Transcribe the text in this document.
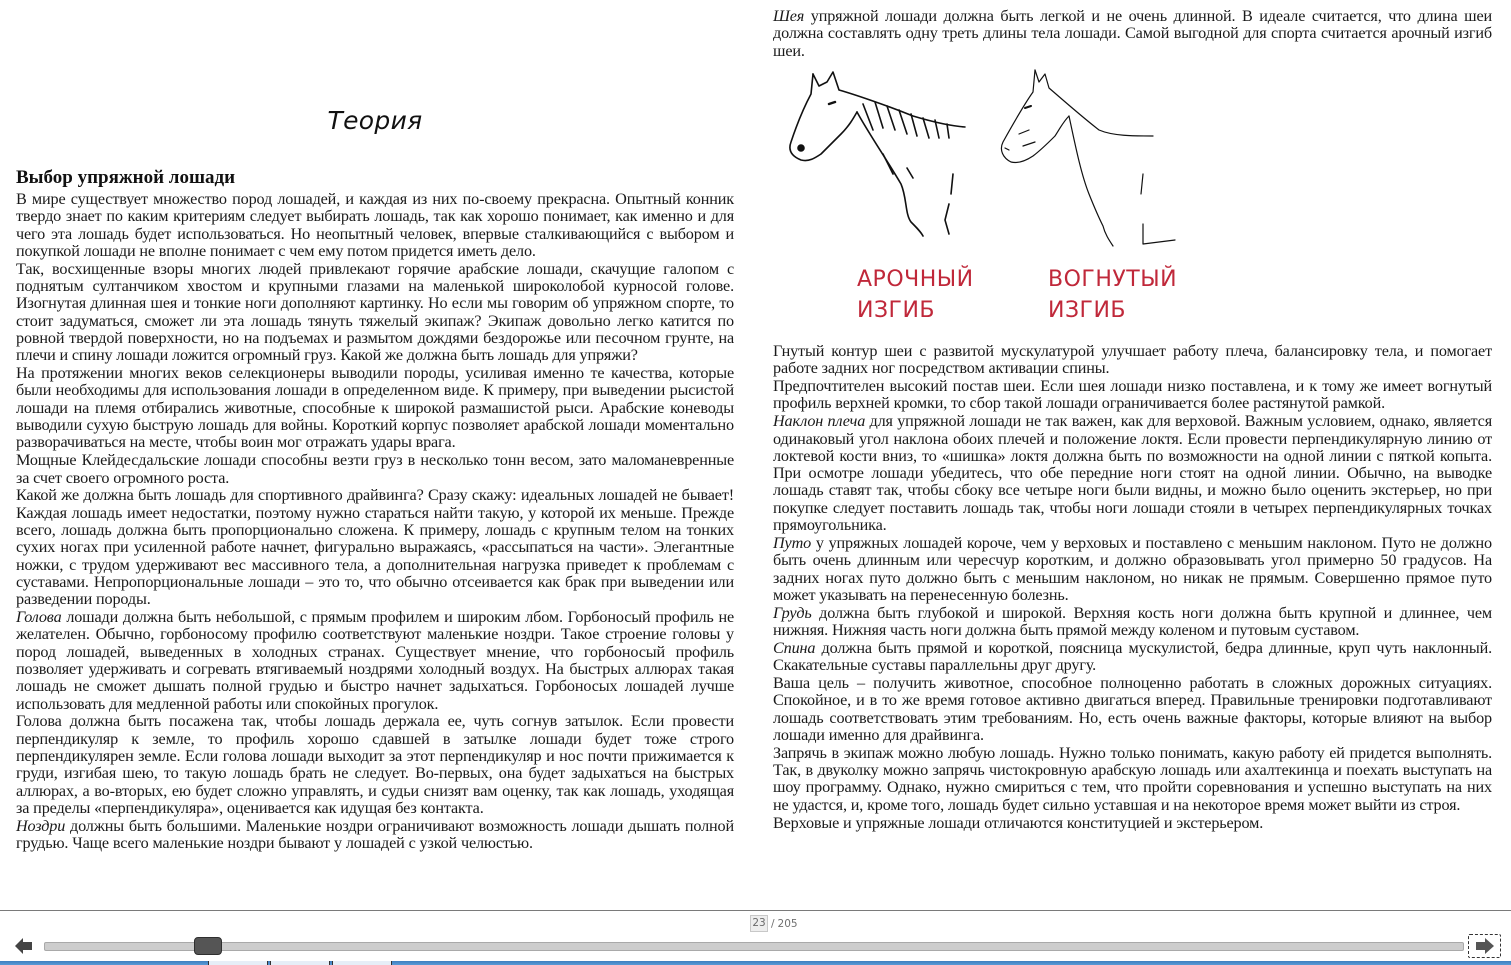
Теория
Выбор упряжной лошади

В мире существует множество пород лошадей, и каждая из них по-своему прекрасна. Опытный конник твердо знает по каким критериям следует выбирать лошадь, так как хорошо понимает, как именно и для чего эта лошадь будет использоваться. Но неопытный человек, впервые сталкивающийся с выбором и покупкой лошади не вполне понимает с чем ему потом придется иметь дело.

Так, восхищенные взоры многих людей привлекают горячие арабские лошади, скачущие галопом с поднятым султанчиком хвостом и крупными глазами на маленькой широколобой курносой голове. Изогнутая длинная шея и тонкие ноги дополняют картинку. Но если мы говорим об упряжном спорте, то стоит задуматься, сможет ли эта лошадь тянуть тяжелый экипаж? Экипаж довольно легко катится по ровной твердой поверхности, но на подъемах и размытом дождями бездорожье или песочном грунте, на плечи и спину лошади ложится огромный груз. Какой же должна быть лошадь для упряжи?

На протяжении многих веков селекционеры выводили породы, усиливая именно те качества, которые были необходимы для использования лошади в определенном виде. К примеру, при выведении рысистой лошади на племя отбирались животные, способные к широкой размашистой рыси. Арабские коневоды выводили сухую быструю лошадь для войны. Короткий корпус позволяет арабской лошади моментально разворачиваться на месте, чтобы воин мог отражать удары врага.

Мощные Клейдесдальские лошади способны везти груз в несколько тонн весом, зато маломаневренные за счет своего огромного роста.

Какой же должна быть лошадь для спортивного драйвинга? Сразу скажу: идеальных лошадей не бывает! Каждая лошадь имеет недостатки, поэтому нужно стараться найти такую, у которой их меньше. Прежде всего, лошадь должна быть пропорционально сложена. К примеру, лошадь с крупным телом на тонких сухих ногах при усиленной работе начнет, фигурально выражаясь, «рассыпаться на части». Элегантные ножки, с трудом удерживают вес массивного тела, а дополнительная нагрузка приведет к проблемам с суставами. Непропорциональные лошади – это то, что обычно отсеивается как брак при выведении или разведении породы.

Голова лошади должна быть небольшой, с прямым профилем и широким лбом. Горбоносый профиль не желателен. Обычно, горбоносому профилю соответствуют маленькие ноздри. Такое строение головы у пород лошадей, выведенных в холодных странах. Существует мнение, что горбоносый профиль позволяет удерживать и согревать втягиваемый ноздрями холодный воздух. На быстрых аллюрах такая лошадь не сможет дышать полной грудью и быстро начнет задыхаться. Горбоносых лошадей лучше использовать для медленной работы или спокойных прогулок.

Голова должна быть посажена так, чтобы лошадь держала ее, чуть согнув затылок. Если провести перпендикуляр к земле, то профиль хорошо сдавшей в затылке лошади будет тоже строго перпендикулярен земле. Если голова лошади выходит за этот перпендикуляр и нос почти прижимается к груди, изгибая шею, то такую лошадь брать не следует. Во-первых, она будет задыхаться на быстрых аллюрах, а во-вторых, ею будет сложно управлять, и судьи снизят вам оценку, так как лошадь, уходящая за пределы «перпендикуляра», оценивается как идущая без контакта.

Ноздри должны быть большими. Маленькие ноздри ограничивают возможность лошади дышать полной грудью. Чаще всего маленькие ноздри бывают у лошадей с узкой челюстью.

Шея упряжной лошади должна быть легкой и не очень длинной. В идеале считается, что длина шеи должна составлять одну треть длины тела лошади. Самой выгодной для спорта считается арочный изгиб шеи.

АРОЧНЫЙ
ИЗГИБ
ВОГНУТЫЙ
ИЗГИБ

Гнутый контур шеи с развитой мускулатурой улучшает работу плеча, балансировку тела, и помогает работе задних ног посредством активации спины.

Предпочтителен высокий постав шеи. Если шея лошади низко поставлена, и к тому же имеет вогнутый профиль верхней кромки, то сбор такой лошади ограничивается более растянутой рамкой.

Наклон плеча для упряжной лошади не так важен, как для верховой. Важным условием, однако, является одинаковый угол наклона обоих плечей и положение локтя. Если провести перпендикулярную линию от локтевой кости вниз, то «шишка» локтя должна быть по возможности на одной линии с пяткой копыта. При осмотре лошади убедитесь, что обе передние ноги стоят на одной линии. Обычно, на выводке лошадь ставят так, чтобы сбоку все четыре ноги были видны, и можно было оценить экстерьер, но при покупке следует поставить лошадь так, чтобы ноги лошади стояли в четырех перпендикулярных точках прямоугольника.

Путо у упряжных лошадей короче, чем у верховых и поставлено с меньшим наклоном. Путо не должно быть очень длинным или чересчур коротким, и должно образовывать угол примерно 50 градусов. На задних ногах путо должно быть с меньшим наклоном, но никак не прямым. Совершенно прямое путо может указывать на перенесенную болезнь.

Грудь должна быть глубокой и широкой. Верхняя кость ноги должна быть крупной и длиннее, чем нижняя. Нижняя часть ноги должна быть прямой между коленом и путовым суставом.

Спина должна быть прямой и короткой, поясница мускулистой, бедра длинные, круп чуть наклонный. Скакательные суставы параллельны друг другу.

Ваша цель – получить животное, способное полноценно работать в сложных дорожных ситуациях. Спокойное, и в то же время готовое активно двигаться вперед. Правильные тренировки подготавливают лошадь соответствовать этим требованиям. Но, есть очень важные факторы, которые влияют на выбор лошади именно для драйвинга.

Запрячь в экипаж можно любую лошадь. Нужно только понимать, какую работу ей придется выполнять. Так, в двуколку можно запрячь чистокровную арабскую лошадь или ахалтекинца и поехать выступать на шоу программу. Однако, нужно смириться с тем, что пройти соревнования и успешно выступать на них не удастся, и, кроме того, лошадь будет сильно уставшая и на некоторое время может выйти из строя.

Верховые и упряжные лошади отличаются конституцией и экстерьером.

23 / 205
